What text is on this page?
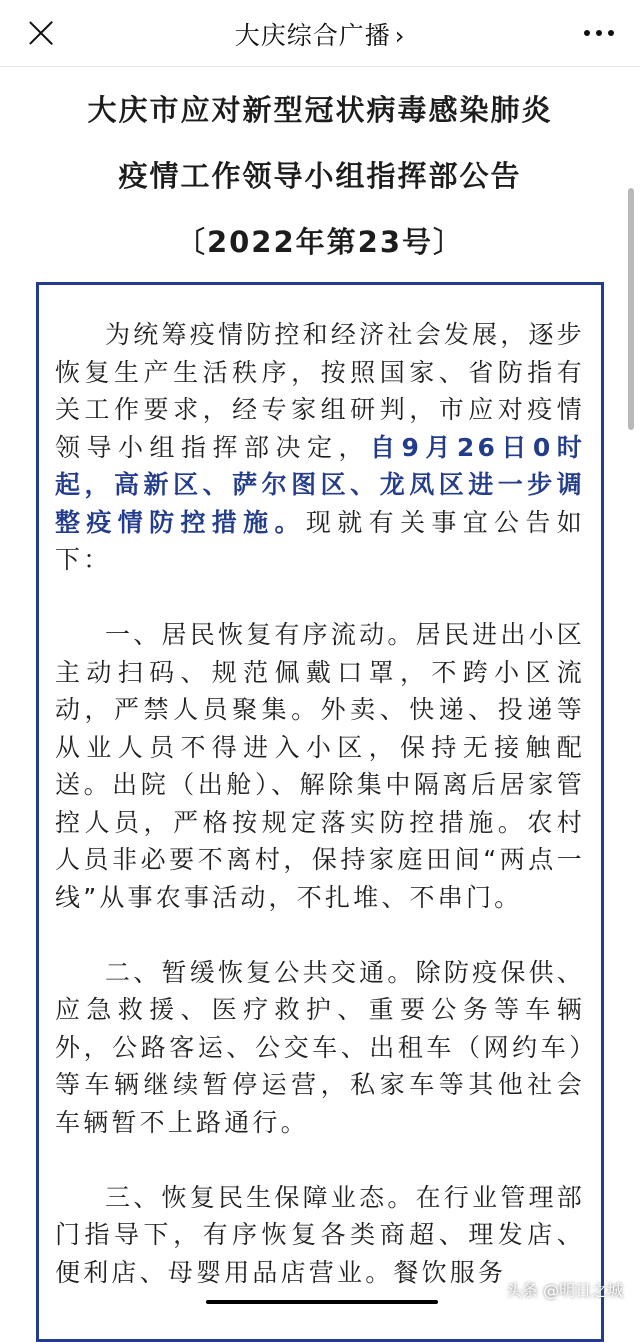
大庆综合广播 ›
大庆市应对新型冠状病毒感染肺炎
疫情工作领导小组指挥部公告
〔2022年第23号〕

为统筹疫情防控和经济社会发展，逐步恢复生产生活秩序，按照国家、省防指有关工作要求，经专家组研判，市应对疫情领导小组指挥部决定，自9月26日0时起，高新区、萨尔图区、龙凤区进一步调整疫情防控措施。现就有关事宜公告如下：

一、居民恢复有序流动。居民进出小区主动扫码、规范佩戴口罩，不跨小区流动，严禁人员聚集。外卖、快递、投递等从业人员不得进入小区，保持无接触配送。出院（出舱）、解除集中隔离后居家管控人员，严格按规定落实防控措施。农村人员非必要不离村，保持家庭田间“两点一线”从事农事活动，不扎堆、不串门。

二、暂缓恢复公共交通。除防疫保供、应急救援、医疗救护、重要公务等车辆外，公路客运、公交车、出租车（网约车）等车辆继续暂停运营，私家车等其他社会车辆暂不上路通行。

三、恢复民生保障业态。在行业管理部门指导下，有序恢复各类商超、理发店、便利店、母婴用品店营业。餐饮服务

头条 @明日之城
